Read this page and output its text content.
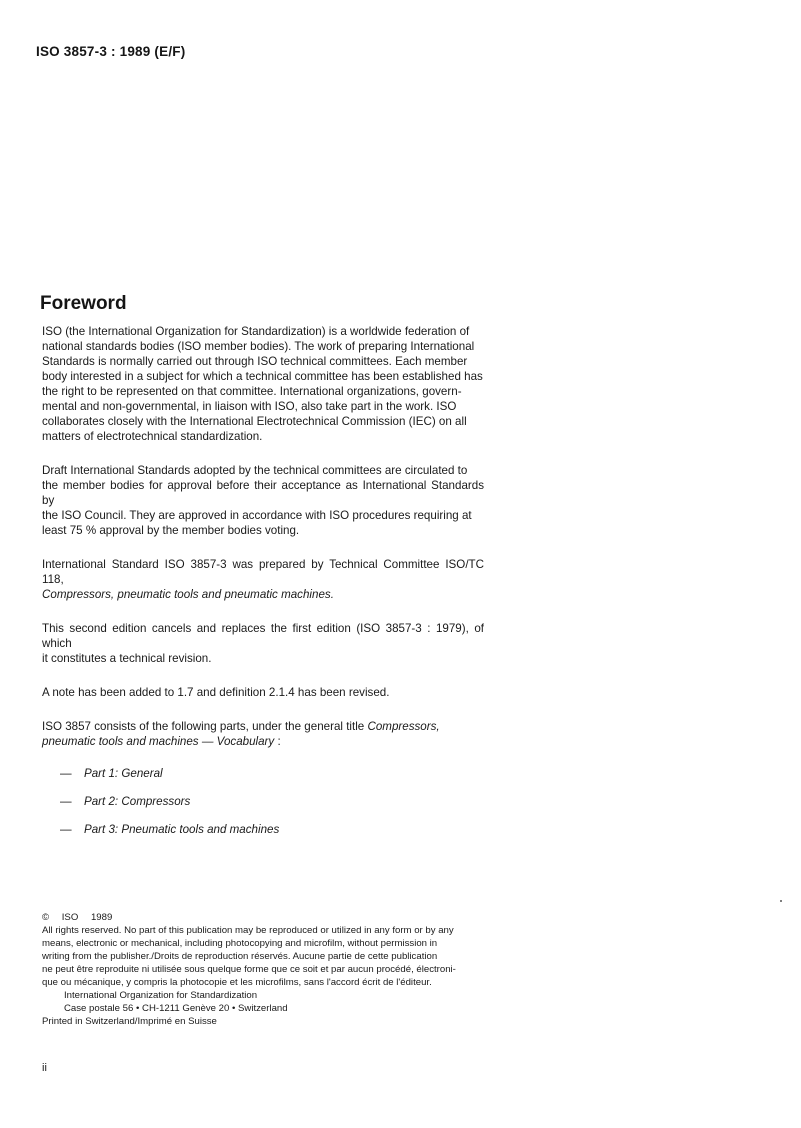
ISO 3857-3 : 1989 (E/F)
Foreword

ISO (the International Organization for Standardization) is a worldwide federation of
national standards bodies (ISO member bodies). The work of preparing International
Standards is normally carried out through ISO technical committees. Each member
body interested in a subject for which a technical committee has been established has
the right to be represented on that committee. International organizations, govern-
mental and non-governmental, in liaison with ISO, also take part in the work. ISO
collaborates closely with the International Electrotechnical Commission (IEC) on all
matters of electrotechnical standardization.

Draft International Standards adopted by the technical committees are circulated to
the member bodies for approval before their acceptance as International Standards by
the ISO Council. They are approved in accordance with ISO procedures requiring at
least 75 % approval by the member bodies voting.

International Standard ISO 3857-3 was prepared by Technical Committee ISO/TC 118,
Compressors, pneumatic tools and pneumatic machines.

This second edition cancels and replaces the first edition (ISO 3857-3 : 1979), of which
it constitutes a technical revision.

A note has been added to 1.7 and definition 2.1.4 has been revised.

ISO 3857 consists of the following parts, under the general title Compressors,
pneumatic tools and machines — Vocabulary :

— Part 1: General
— Part 2: Compressors
— Part 3: Pneumatic tools and machines

© ISO 1989

All rights reserved. No part of this publication may be reproduced or utilized in any form or by any
means, electronic or mechanical, including photocopying and microfilm, without permission in
writing from the publisher./Droits de reproduction réservés. Aucune partie de cette publication
ne peut être reproduite ni utilisée sous quelque forme que ce soit et par aucun procédé, électroni-
que ou mécanique, y compris la photocopie et les microfilms, sans l'accord écrit de l'éditeur.

International Organization for Standardization

Case postale 56 • CH-1211 Genève 20 • Switzerland

Printed in Switzerland/Imprimé en Suisse

ii
